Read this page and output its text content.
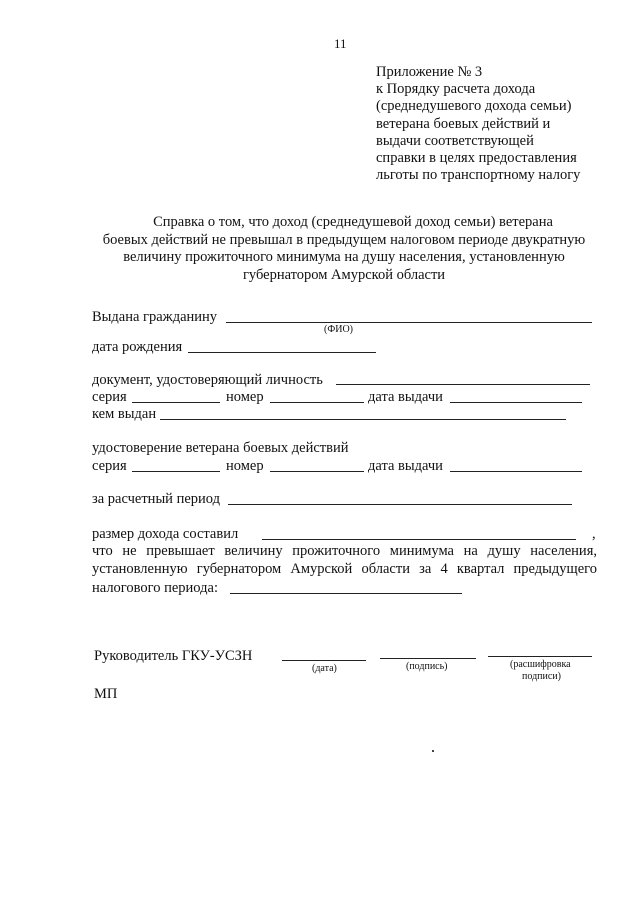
11
Приложение № 3
к Порядку расчета дохода
(среднедушевого дохода семьи)
ветерана боевых действий и
выдачи соответствующей
справки в целях предоставления
льготы по транспортному налогу
Справка о том, что доход (среднедушевой доход семьи) ветерана
боевых действий не превышал в предыдущем налоговом периоде двукратную
величину прожиточного минимума на душу населения, установленную
губернатором Амурской области
Выдана гражданину
(ФИО)
дата рождения
документ, удостоверяющий личность
серия	номер	дата выдачи
кем выдан
удостоверение ветерана боевых действий
серия	номер	дата выдачи
за расчетный период
размер дохода составил	,
что не превышает величину прожиточного минимума на душу населения,
установленную губернатором Амурской области за 4 квартал предыдущего
налогового периода:
Руководитель ГКУ-УСЗН
(дата)	(подпись)	(расшифровка
подписи)
МП
